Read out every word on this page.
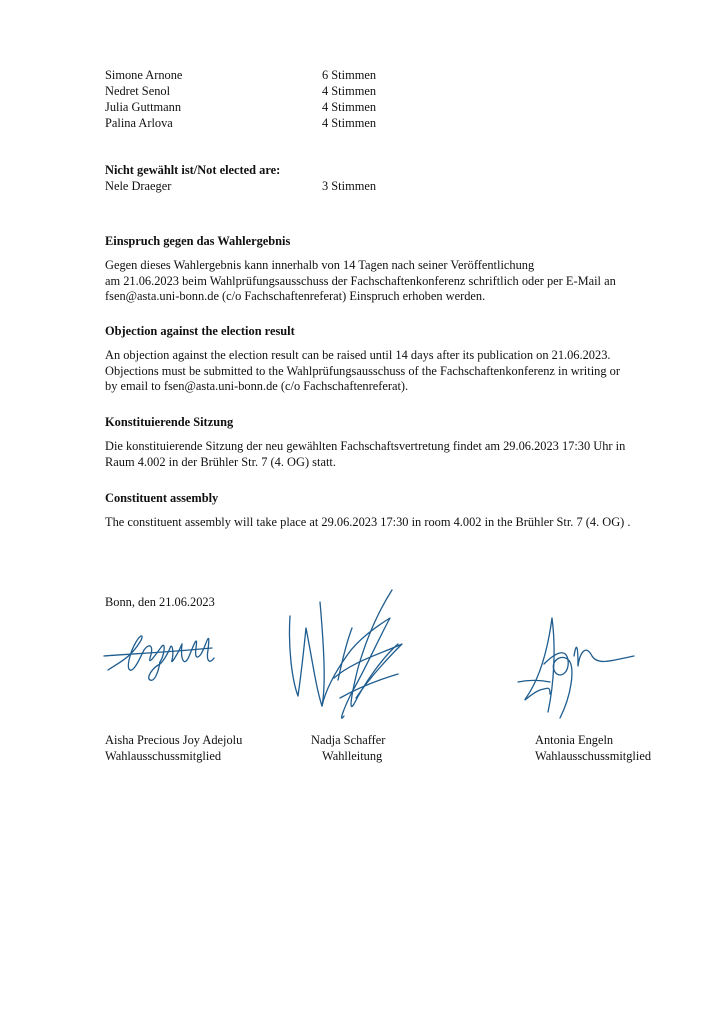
Simone Arnone	6 Stimmen
Nedret Senol	4 Stimmen
Julia Guttmann	4 Stimmen
Palina Arlova	4 Stimmen
Nicht gewählt ist/Not elected are:
Nele Draeger	3 Stimmen
Einspruch gegen das Wahlergebnis
Gegen dieses Wahlergebnis kann innerhalb von 14 Tagen nach seiner Veröffentlichung
am 21.06.2023 beim Wahlprüfungsausschuss der Fachschaftenkonferenz schriftlich oder per E-Mail an
fsen@asta.uni-bonn.de (c/o Fachschaftenreferat) Einspruch erhoben werden.
Objection against the election result
An objection against the election result can be raised until 14 days after its publication on 21.06.2023.
Objections must be submitted to the Wahlprüfungsausschuss of the Fachschaftenkonferenz in writing or
by email to fsen@asta.uni-bonn.de (c/o Fachschaftenreferat).
Konstituierende Sitzung
Die konstituierende Sitzung der neu gewählten Fachschaftsvertretung findet am 29.06.2023 17:30 Uhr in
Raum 4.002 in der Brühler Str. 7 (4. OG) statt.
Constituent assembly
The constituent assembly will take place at 29.06.2023 17:30 in room 4.002 in the Brühler Str. 7 (4. OG) .
Bonn, den 21.06.2023
Aisha Precious Joy Adejolu
Wahlausschussmitglied
Nadja Schaffer
Wahlleitung
Antonia Engeln
Wahlausschussmitglied
